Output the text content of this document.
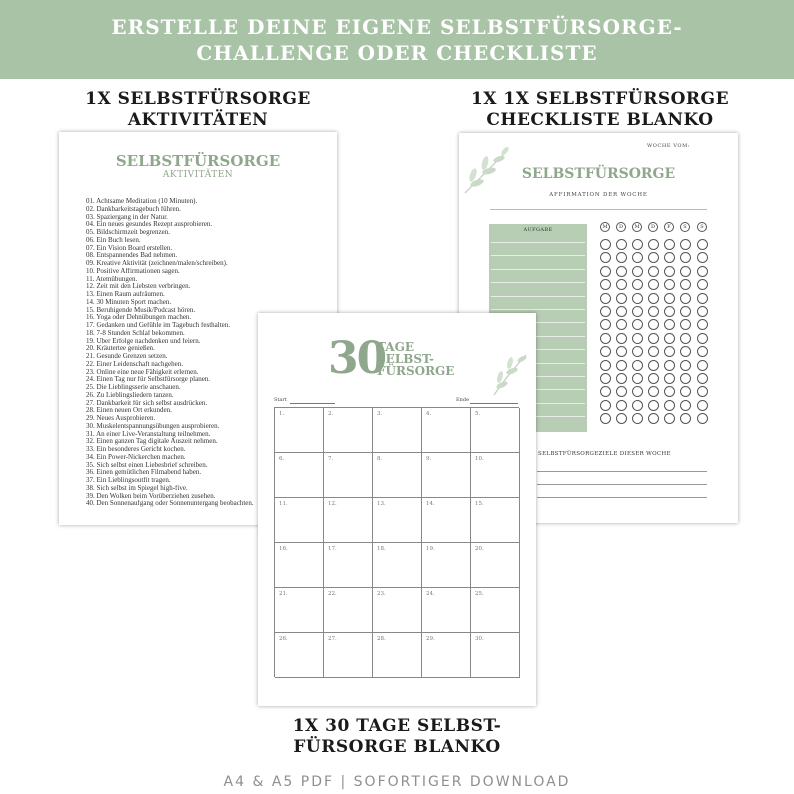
ERSTELLE DEINE EIGENE SELBSTFÜRSORGE-
CHALLENGE ODER CHECKLISTE
1X SELBSTFÜRSORGE
AKTIVITÄTEN
1X 1X SELBSTFÜRSORGE
CHECKLISTE BLANKO
1X 30 TAGE SELBST-
FÜRSORGE BLANKO
SELBSTFÜRSORGE
AKTIVITÄTEN
01. Achtsame Meditation (10 Minuten).
02. Dankbarkeitstagebuch führen.
03. Spaziergang in der Natur.
04. Ein neues gesundes Rezept ausprobieren.
05. Bildschirmzeit begrenzen.
06. Ein Buch lesen.
07. Ein Vision Board erstellen.
08. Entspannendes Bad nehmen.
09. Kreative Aktivität (zeichnen/malen/schreiben).
10. Positive Affirmationen sagen.
11. Atemübungen.
12. Zeit mit den Liebsten verbringen.
13. Einen Raum aufräumen.
14. 30 Minuten Sport machen.
15. Beruhigende Musik/Podcast hören.
16. Yoga oder Dehnübungen machen.
17. Gedanken und Gefühle im Tagebuch festhalten.
18. 7-8 Stunden Schlaf bekommen.
19. Über Erfolge nachdenken und feiern.
20. Kräutertee genießen.
21. Gesunde Grenzen setzen.
22. Einer Leidenschaft nachgehen.
23. Online eine neue Fähigkeit erlernen.
24. Einen Tag nur für Selbstfürsorge planen.
25. Die Lieblingsserie anschauen.
26. Zu Lieblingsliedern tanzen.
27. Dankbarkeit für sich selbst ausdrücken.
28. Einen neuen Ort erkunden.
29. Neues Ausprobieren.
30. Muskelentspannungsübungen ausprobieren.
31. An einer Live-Veranstaltung teilnehmen.
32. Einen ganzen Tag digitale Auszeit nehmen.
33. Ein besonderes Gericht kochen.
34. Ein Power-Nickerchen machen.
35. Sich selbst einen Liebesbrief schreiben.
36. Einen gemütlichen Filmabend haben.
37. Ein Lieblingsoutfit tragen.
38. Sich selbst im Spiegel high-five.
39. Den Wolken beim Vorüberziehen zusehen.
40. Den Sonnenaufgang oder Sonnenuntergang beobachten.
WOCHE VOM:
SELBSTFÜRSORGE
AFFIRMATION DER WOCHE
AUFGABE	M	D	M	D	F	S	S
SELBSTFÜRSORGEZIELE DIESER WOCHE
30
TAGE
SELBST-
FÜRSORGE
Start	Ende
1.	2.	3.	4.	5.
6.	7.	8.	9.	10.
11.	12.	13.	14.	15.
16.	17.	18.	19.	20.
21.	22.	23.	24.	25.
26.	27.	28.	29.	30.
A4 & A5 PDF | SOFORTIGER DOWNLOAD
